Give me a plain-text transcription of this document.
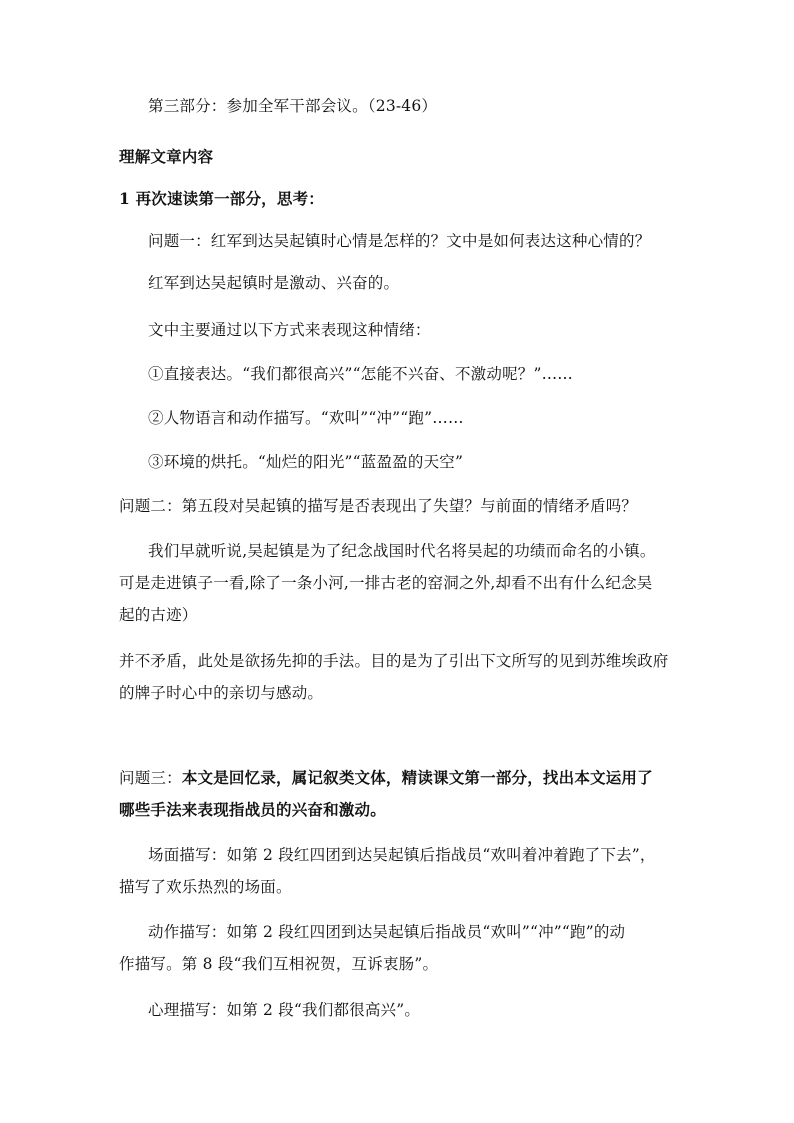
第三部分：参加全军干部会议。（23-46）
理解文章内容
1 再次速读第一部分，思考：
问题一：红军到达吴起镇时心情是怎样的？文中是如何表达这种心情的？
红军到达吴起镇时是激动、兴奋的。
文中主要通过以下方式来表现这种情绪：
①直接表达。“我们都很高兴”“怎能不兴奋、不激动呢？”……
②人物语言和动作描写。“欢叫”“冲”“跑”……
③环境的烘托。“灿烂的阳光”“蓝盈盈的天空”
问题二：第五段对吴起镇的描写是否表现出了失望？与前面的情绪矛盾吗？
我们早就听说,吴起镇是为了纪念战国时代名将吴起的功绩而命名的小镇。
可是走进镇子一看,除了一条小河,一排古老的窑洞之外,却看不出有什么纪念吴
起的古迹）
并不矛盾，此处是欲扬先抑的手法。目的是为了引出下文所写的见到苏维埃政府
的牌子时心中的亲切与感动。
问题三：本文是回忆录，属记叙类文体，精读课文第一部分，找出本文运用了
哪些手法来表现指战员的兴奋和激动。
场面描写：如第 2 段红四团到达吴起镇后指战员“欢叫着冲着跑了下去”，
描写了欢乐热烈的场面。
动作描写：如第 2 段红四团到达吴起镇后指战员“欢叫”“冲”“跑”的动
作描写。第 8 段“我们互相祝贺，互诉衷肠”。
心理描写：如第 2 段“我们都很高兴”。
